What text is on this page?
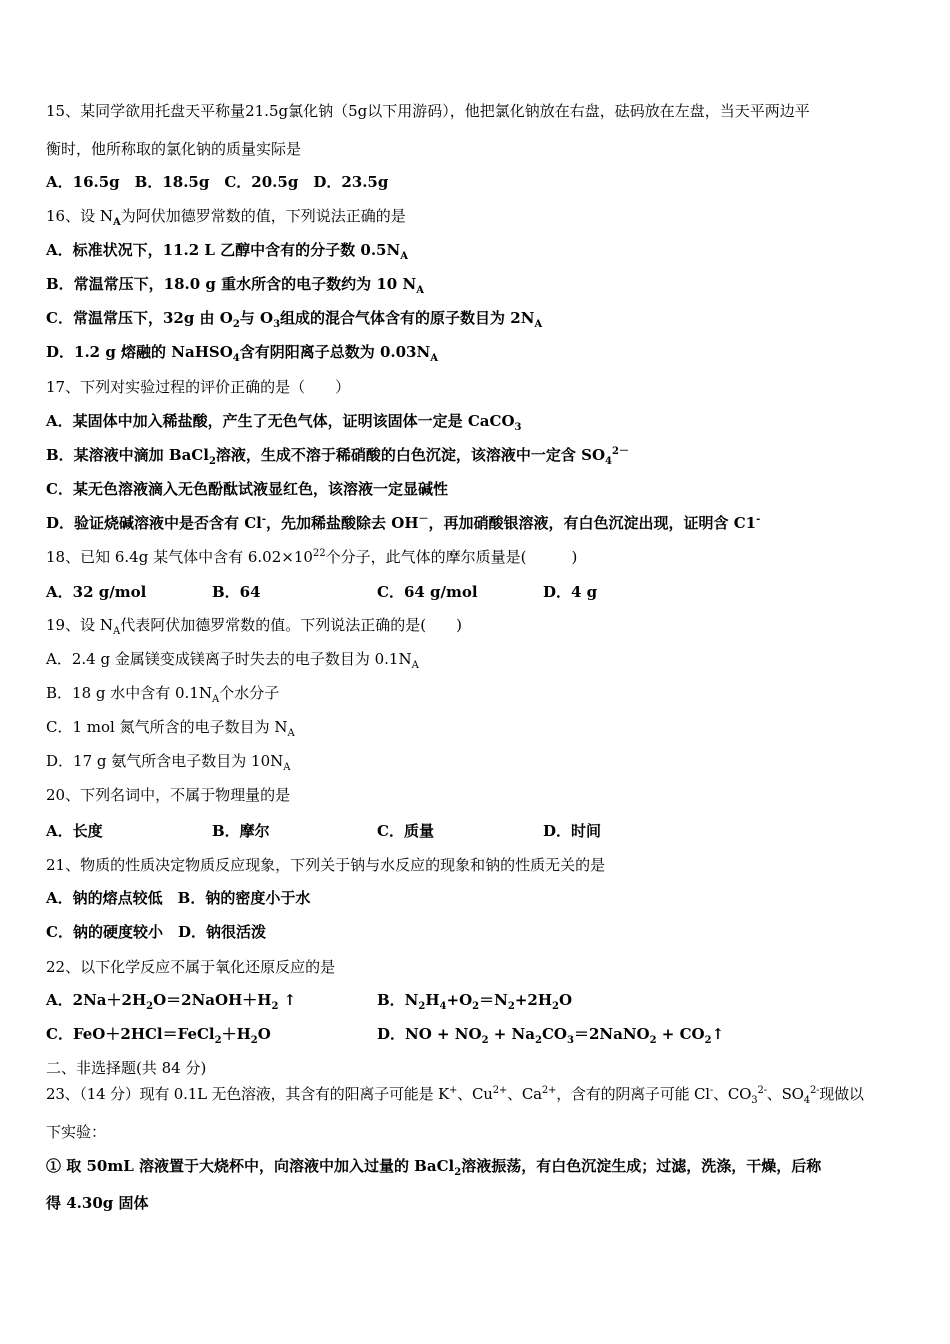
15、某同学欲用托盘天平称量21.5g氯化钠（5g以下用游码），他把氯化钠放在右盘，砝码放在左盘，当天平两边平
衡时，他所称取的氯化钠的质量实际是
A．16.5g　B．18.5g　C．20.5g　D．23.5g
16、设 $N_A$为阿伏加德罗常数的值，下列说法正确的是
A．标准状况下，11.2 L 乙醇中含有的分子数 $0.5N_A$
B．常温常压下，18.0 g 重水所含的电子数约为 10 $N_A$
C．常温常压下，32g 由 $O_2$与 $O_3$组成的混合气体含有的原子数目为 $2N_A$
D．1.2 g 熔融的 NaHSO$_4$含有阴阳离子总数为 $0.03N_A$
17、下列对实验过程的评价正确的是（　　）
A．某固体中加入稀盐酸，产生了无色气体，证明该固体一定是 CaCO$_3$
B．某溶液中滴加 BaCl$_2$溶液，生成不溶于稀硝酸的白色沉淀，该溶液中一定含 $SO_4^{2-}$
C．某无色溶液滴入无色酚酞试液显红色，该溶液一定显碱性
D．验证烧碱溶液中是否含有 Cl-，先加稀盐酸除去 OH－，再加硝酸银溶液，有白色沉淀出现，证明含 C1-
18、已知 6.4g 某气体中含有 $6.02\times 10^{22}$个分子，此气体的摩尔质量是(　　　)
A．32 g/mol	B．64	C．64 g/mol	D．4 g
19、设 $N_A$代表阿伏加德罗常数的值。下列说法正确的是(　　)
A．2.4 g 金属镁变成镁离子时失去的电子数目为 $0.1N_A$
B．18 g 水中含有 $0.1N_A$个水分子
C．1 mol 氮气所含的电子数目为 $N_A$
D．17 g 氨气所含电子数目为 $10N_A$
20、下列名词中，不属于物理量的是
A．长度	B．摩尔	C．质量	D．时间
21、物质的性质决定物质反应现象，下列关于钠与水反应的现象和钠的性质无关的是
A．钠的熔点较低　B．钠的密度小于水
C．钠的硬度较小　D．钠很活泼
22、以下化学反应不属于氧化还原反应的是
A．$2Na+2H_2O=2NaOH+H_2$ ↑	B．$N_2H_4+O_2=N_2+2H_2O$
C．$FeO+2HCl=FeCl_2+H_2O$	D．NO + $NO_2$ + $Na_2CO_3=2NaNO_2$ + $CO_2↑$
二、非选择题(共 84 分)
23、（14 分）现有 0.1L 无色溶液，其含有的阳离子可能是 K+、$Cu^{2+}$、$Ca^{2+}$，含有的阴离子可能 Cl-、$CO_3^{2-}$、$SO_4^{2-}$现做以
下实验：
① 取 50mL 溶液置于大烧杯中，向溶液中加入过量的 BaCl$_2$溶液振荡，有白色沉淀生成；过滤，洗涤，干燥，后称
得 4.30g 固体
